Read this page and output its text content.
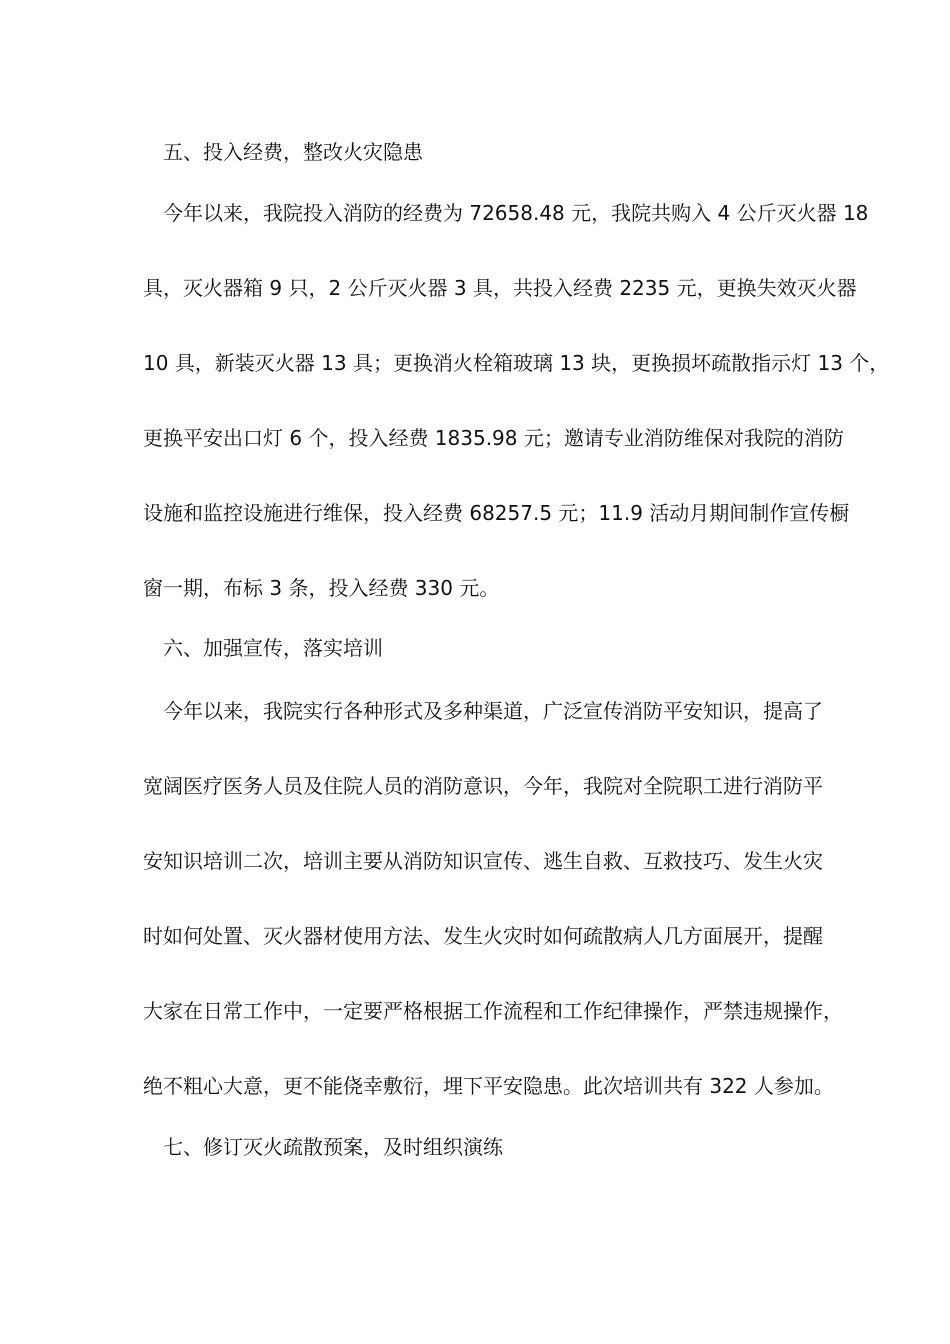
五、投入经费，整改火灾隐患
今年以来，我院投入消防的经费为 72658.48 元，我院共购入 4 公斤灭火器 18
具，灭火器箱 9 只，2 公斤灭火器 3 具，共投入经费 2235 元，更换失效灭火器
10 具，新装灭火器 13 具；更换消火栓箱玻璃 13 块，更换损坏疏散指示灯 13 个，
更换平安出口灯 6 个，投入经费 1835.98 元；邀请专业消防维保对我院的消防
设施和监控设施进行维保，投入经费 68257.5 元；11.9 活动月期间制作宣传橱
窗一期，布标 3 条，投入经费 330 元。
六、加强宣传，落实培训
今年以来，我院实行各种形式及多种渠道，广泛宣传消防平安知识，提高了
宽阔医疗医务人员及住院人员的消防意识，今年，我院对全院职工进行消防平
安知识培训二次，培训主要从消防知识宣传、逃生自救、互救技巧、发生火灾
时如何处置、灭火器材使用方法、发生火灾时如何疏散病人几方面展开，提醒
大家在日常工作中，一定要严格根据工作流程和工作纪律操作，严禁违规操作，
绝不粗心大意，更不能侥幸敷衍，埋下平安隐患。此次培训共有 322 人参加。
七、修订灭火疏散预案，及时组织演练
